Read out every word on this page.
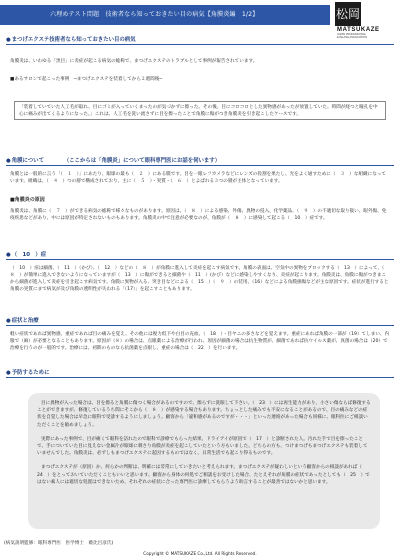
六埋めテスト問題　技術者なら知っておきたい目の病気【角膜炎編　1/2】	松岡
MATSUKAZE
JAPAN PROFESSIONAL
EYELASH ASSOCIATION
●まつげエクステ技術者なら知っておきたい目の病気
角膜炎は、いわゆる「黒目」に炎症が起こる病気の総称で、まつげエクステのトラブルとして事例が報告されています。
■あるサロンで起こった事例　─まつげエクステを装着してから２週間後─
「装着していていた人工毛が取れ、目にゴミが入っていくまったのが気づかずに擦った。その後、目にコロコロとした異物感があったが放置していた。時間が経つと瞳孔を中心に痛みが出てくるようになった。」これは、人工毛を洗い流さずに目を擦ったことで角膜に傷がつき角膜炎を引き起こしたケースです。
●角膜について	（ここからは「角膜炎」について眼科専門医にお話を伺います）
角膜とは一般的に言う「（　１　）」にあたり、眼球の最も（　２　）にある膜です。目を一眼レフカメラなどにレンズの役割を果たし、光をよく通すために（　３　）な組織になっています。組織は、（　４　）つの層で構成されており、主に（　５　）・実質・（　６　）とよばれる３つの層が主体となっています。
■角膜炎の原因
角膜炎は、角膜に（　７　）ができる病気の総称で様々なものがあります。原因は、（　８　）による感染、外傷、異物の侵入、化学薬品、（　９　）の不適切な取り扱い、眼外傷、免疫疾患などがあり、中には原因が特定されないものもあります。角膜炎の中で注意が必要なのが、角膜が（　８　）に感染して起こる（　10　）症です。
●（　10　）症
（　10　）症は細菌、（　11　）（かび）、（　12　）などの（　８　）が角膜に進入して炎症を起こす病気です。角膜の表面は、空気中の異物をブロックする（　13　）によって、（　８　）が簡単に進入できないようになっていますが（　13　）に傷ができると細菌や（　11　）(かび）などに感染しやすくなり、炎症が起こります。角膜炎は、角膜に傷がつきまこから細菌が進入して炎症を引き起こす病気です。角膜に異物が入る、突き目などによる（　15　）（　９　）の装用、（16）などによる角膜損傷などが主な原因です。症状が進行すると角膜の実質にまで病気が及び角膜の透明性が失われる「（17）」を起こすこともあります。
●症状と治療
軽い症状であれば異物感、重症であれば目の痛みを覚え、その他には視力低下や白目の充血、（　18　）・目ヤニの多さなどを覚えます。重症にあれば角膜の一部が（19）てしまい、内服で（麻）が必要となることもあります。原因が（８）の場合は、点眼薬による治療が行われ、原因が細菌の場合は抗生物質が、細菌であれば抗ウイルス薬が、真菌の場合は（20）で治療を行うのが一般的です。治療には、初期のものなら抗菌薬を点眼し、重症の場合は（　22　）を行います。
●予防するために

目に異物が入った場合は、目を擦ると角膜に傷つく場合があるのですので、擦らずに洗眼して下さい。（　23　）には再生能力があり、小さい傷ならば修復することができますが、修復しているうち間にそこから（　８　）が感染する場合もあります。ちょっとした痛みでも不安になることがあるので、目の痛みなどの症状を自覚した場合は早急に眼科で受診するようにしましょう。顧客から「違和感があるのですが・・・」といった連絡があった場合も同様に、眼科医にご相談いただくことを勧めましょう。

実際にあった事例で、目が痛くて眼科を訪れたので眼科で診療でもらった結果、ドライアイが原因で（　17　）と診断された人。汚れた手で目を擦ったことで、手についていた目に見えない金属片が眼球に刺さり角膜が炎症を起こしていたという方もいました。どちらの方も、つけまつげもまつげエクステも装着していませんでした。角膜炎は、必ずしもまつげエクステに起因するものではなく、日常生活でも起こり得るものです。

まつげエクステが（原因）か、何らかの判断は、明確には非常にしていきたいと考えられます。まつげエクステが疑わしいという顧客からの相談があれば（　24　）をとっておいていただくこともいいと思います。顧客から身体の何処でご相談をお受けした場合、たとえそれが角膜の症状であったとしても（　25　）ではない素人には適切な処置はできないため、それぞれの症状に合った専門医に診療してもらうよう助言することが最善ではないかと思います。

(病気説明監修：眼科専門医　医学博士　薮比呂彦氏)
Copyright © MATSUKAZE Co.,Ltd. All Rights Reserved.
